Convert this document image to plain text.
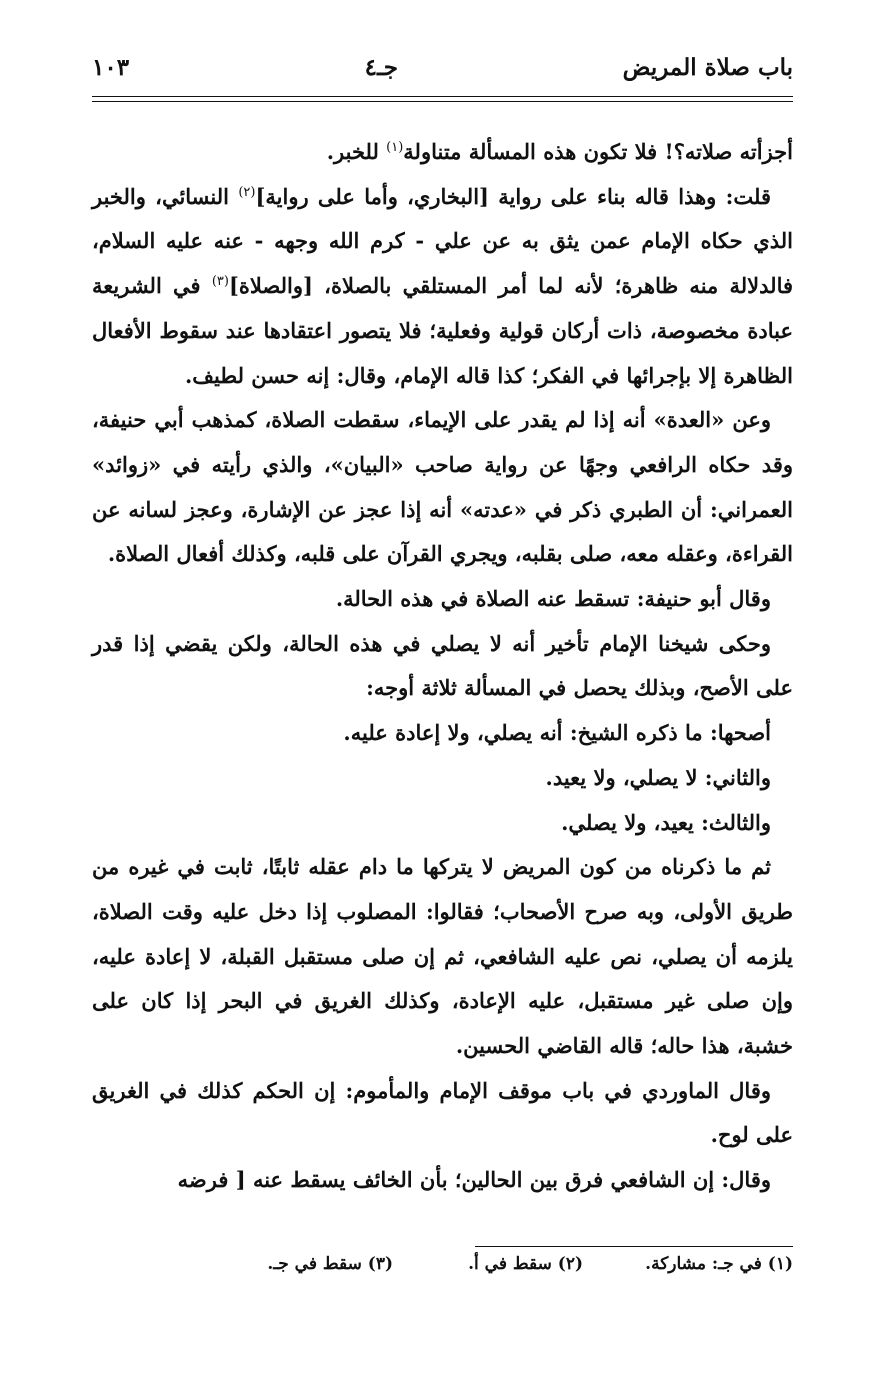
باب صلاة المريض
جـ٤
١٠٣

أجزأته صلاته؟! فلا تكون هذه المسألة متناولة$^{(١)}$ للخبر.

قلت: وهذا قاله بناء على رواية [البخاري، وأما على رواية]$^{(٢)}$ النسائي، والخبر الذي حكاه الإمام عمن يثق به عن علي - كرم الله وجهه - عنه عليه السلام، فالدلالة منه ظاهرة؛ لأنه لما أمر المستلقي بالصلاة، [والصلاة]$^{(٣)}$ في الشريعة عبادة مخصوصة، ذات أركان قولية وفعلية؛ فلا يتصور اعتقادها عند سقوط الأفعال الظاهرة إلا بإجرائها في الفكر؛ كذا قاله الإمام، وقال: إنه حسن لطيف.

وعن «العدة» أنه إذا لم يقدر على الإيماء، سقطت الصلاة، كمذهب أبي حنيفة، وقد حكاه الرافعي وجهًا عن رواية صاحب «البيان»، والذي رأيته في «زوائد» العمراني: أن الطبري ذكر في «عدته» أنه إذا عجز عن الإشارة، وعجز لسانه عن القراءة، وعقله معه، صلى بقلبه، ويجري القرآن على قلبه، وكذلك أفعال الصلاة.

وقال أبو حنيفة: تسقط عنه الصلاة في هذه الحالة.

وحكى شيخنا الإمام تأخير أنه لا يصلي في هذه الحالة، ولكن يقضي إذا قدر على الأصح، وبذلك يحصل في المسألة ثلاثة أوجه:

أصحها: ما ذكره الشيخ: أنه يصلي، ولا إعادة عليه.

والثاني: لا يصلي، ولا يعيد.

والثالث: يعيد، ولا يصلي.

ثم ما ذكرناه من كون المريض لا يتركها ما دام عقله ثابتًا، ثابت في غيره من طريق الأولى، وبه صرح الأصحاب؛ فقالوا: المصلوب إذا دخل عليه وقت الصلاة، يلزمه أن يصلي، نص عليه الشافعي، ثم إن صلى مستقبل القبلة، لا إعادة عليه، وإن صلى غير مستقبل، عليه الإعادة، وكذلك الغريق في البحر إذا كان على خشبة، هذا حاله؛ قاله القاضي الحسين.

وقال الماوردي في باب موقف الإمام والمأموم: إن الحكم كذلك في الغريق على لوح.

وقال: إن الشافعي فرق بين الحالين؛ بأن الخائف يسقط عنه [ فرضه

(١) في جـ: مشاركة.
(٢) سقط في أ.
(٣) سقط في جـ.
